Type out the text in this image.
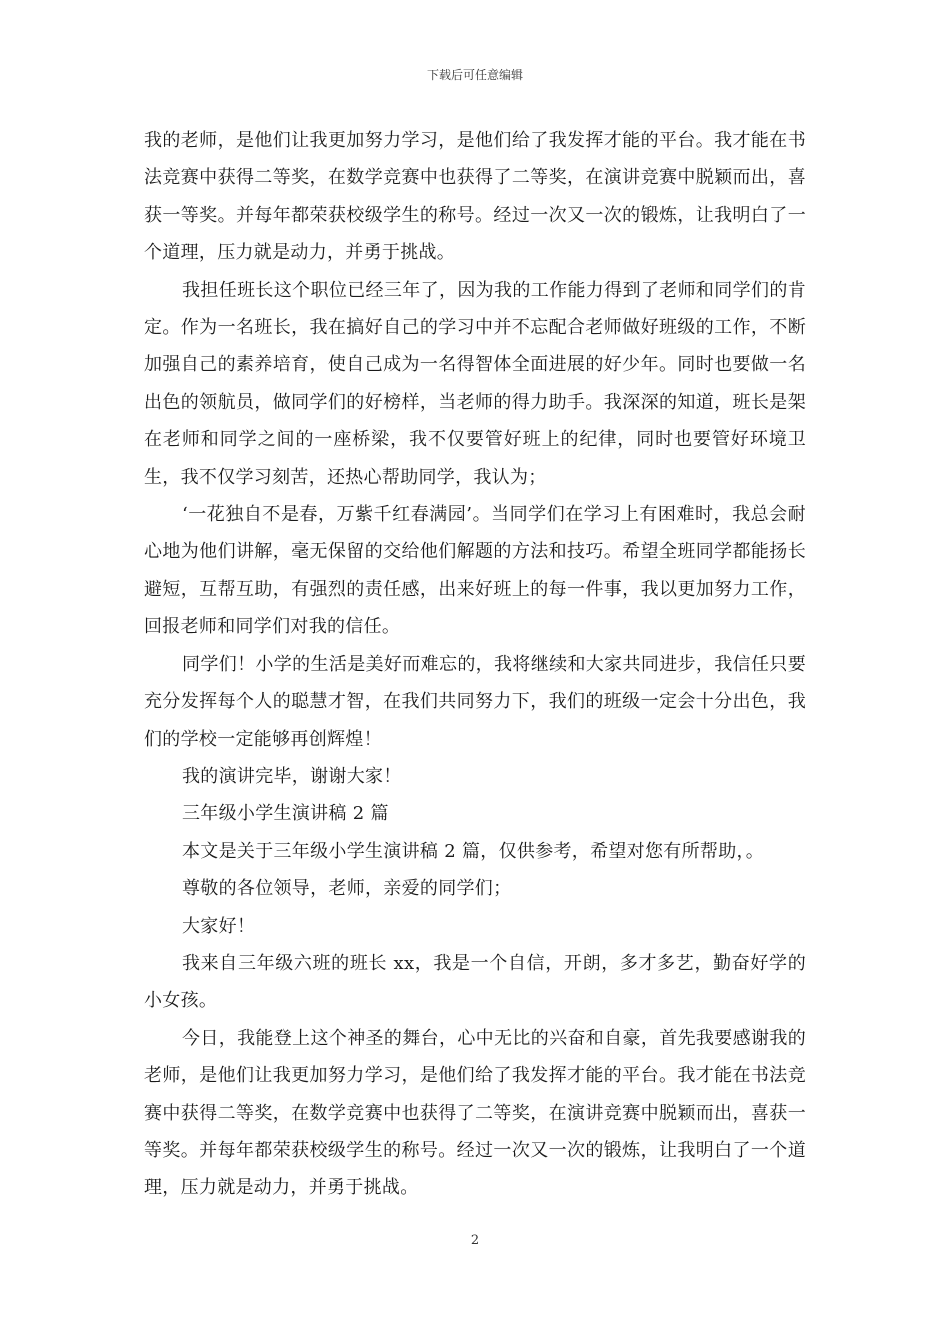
下载后可任意编辑

我的老师，是他们让我更加努力学习，是他们给了我发挥才能的平台。我才能在书法竞赛中获得二等奖，在数学竞赛中也获得了二等奖，在演讲竞赛中脱颖而出，喜获一等奖。并每年都荣获校级学生的称号。经过一次又一次的锻炼，让我明白了一个道理，压力就是动力，并勇于挑战。

我担任班长这个职位已经三年了，因为我的工作能力得到了老师和同学们的肯定。作为一名班长，我在搞好自己的学习中并不忘配合老师做好班级的工作，不断加强自己的素养培育，使自己成为一名得智体全面进展的好少年。同时也要做一名出色的领航员，做同学们的好榜样，当老师的得力助手。我深深的知道，班长是架在老师和同学之间的一座桥梁，我不仅要管好班上的纪律，同时也要管好环境卫生，我不仅学习刻苦，还热心帮助同学，我认为；

‘一花独自不是春，万紫千红春满园’。当同学们在学习上有困难时，我总会耐心地为他们讲解，毫无保留的交给他们解题的方法和技巧。希望全班同学都能扬长避短，互帮互助，有强烈的责任感，出来好班上的每一件事，我以更加努力工作，回报老师和同学们对我的信任。

同学们！小学的生活是美好而难忘的，我将继续和大家共同进步，我信任只要充分发挥每个人的聪慧才智，在我们共同努力下，我们的班级一定会十分出色，我们的学校一定能够再创辉煌！

我的演讲完毕，谢谢大家！

三年级小学生演讲稿 2 篇

本文是关于三年级小学生演讲稿 2 篇，仅供参考，希望对您有所帮助，。

尊敬的各位领导，老师，亲爱的同学们；

大家好！

我来自三年级六班的班长 xx，我是一个自信，开朗，多才多艺，勤奋好学的小女孩。

今日，我能登上这个神圣的舞台，心中无比的兴奋和自豪，首先我要感谢我的老师，是他们让我更加努力学习，是他们给了我发挥才能的平台。我才能在书法竞赛中获得二等奖，在数学竞赛中也获得了二等奖，在演讲竞赛中脱颖而出，喜获一等奖。并每年都荣获校级学生的称号。经过一次又一次的锻炼，让我明白了一个道理，压力就是动力，并勇于挑战。

2
